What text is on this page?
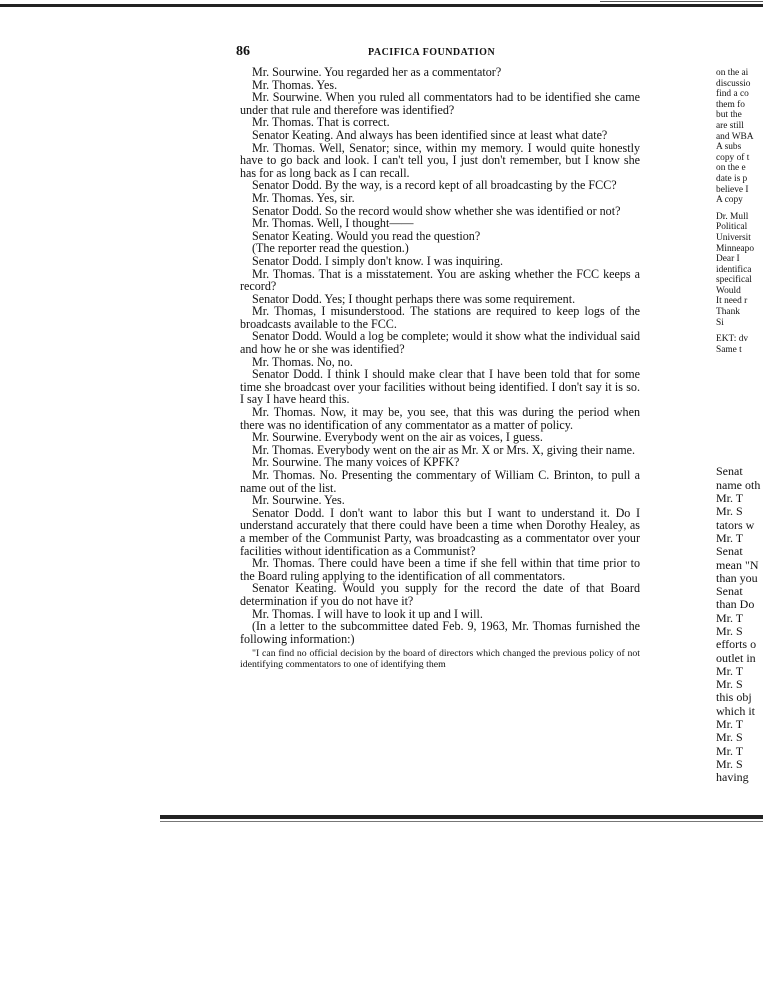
86	PACIFICA FOUNDATION

Mr. Sourwine. You regarded her as a commentator?

Mr. Thomas. Yes.

Mr. Sourwine. When you ruled all commentators had to be identified she came under that rule and therefore was identified?

Mr. Thomas. That is correct.

Senator Keating. And always has been identified since at least what date?

Mr. Thomas. Well, Senator; since, within my memory. I would quite honestly have to go back and look. I can't tell you, I just don't remember, but I know she has for as long back as I can recall.

Senator Dodd. By the way, is a record kept of all broadcasting by the FCC?

Mr. Thomas. Yes, sir.

Senator Dodd. So the record would show whether she was identified or not?

Mr. Thomas. Well, I thought——

Senator Keating. Would you read the question?

(The reporter read the question.)

Senator Dodd. I simply don't know. I was inquiring.

Mr. Thomas. That is a misstatement. You are asking whether the FCC keeps a record?

Senator Dodd. Yes; I thought perhaps there was some requirement.

Mr. Thomas, I misunderstood. The stations are required to keep logs of the broadcasts available to the FCC.

Senator Dodd. Would a log be complete; would it show what the individual said and how he or she was identified?

Mr. Thomas. No, no.

Senator Dodd. I think I should make clear that I have been told that for some time she broadcast over your facilities without being identified. I don't say it is so. I say I have heard this.

Mr. Thomas. Now, it may be, you see, that this was during the period when there was no identification of any commentator as a matter of policy.

Mr. Sourwine. Everybody went on the air as voices, I guess.

Mr. Thomas. Everybody went on the air as Mr. X or Mrs. X, giving their name.

Mr. Sourwine. The many voices of KPFK?

Mr. Thomas. No. Presenting the commentary of William C. Brinton, to pull a name out of the list.

Mr. Sourwine. Yes.

Senator Dodd. I don't want to labor this but I want to understand it. Do I understand accurately that there could have been a time when Dorothy Healey, as a member of the Communist Party, was broadcasting as a commentator over your facilities without identification as a Communist?

Mr. Thomas. There could have been a time if she fell within that time prior to the Board ruling applying to the identification of all commentators.

Senator Keating. Would you supply for the record the date of that Board determination if you do not have it?

Mr. Thomas. I will have to look it up and I will.

(In a letter to the subcommittee dated Feb. 9, 1963, Mr. Thomas furnished the following information:)

"I can find no official decision by the board of directors which changed the previous policy of not identifying commentators to one of identifying them

on the ai

discussio

find a co

them fo

but the

are still

and WBA

A subs

copy of t

on the e

date is p

believe I

A copy

Dr. Mull

Political

Universit

Minneapo

Dear I

identifica

specifical

Would

It need r

Thank

Si

EKT: dv

Same t

Senat

name oth

Mr. T

Mr. S

tators w

Mr. T

Senat

mean "N

than you

Senat

than Do

Mr. T

Mr. S

efforts o

outlet in

Mr. T

Mr. S

this obj

which it

Mr. T

Mr. S

Mr. T

Mr. S

having
